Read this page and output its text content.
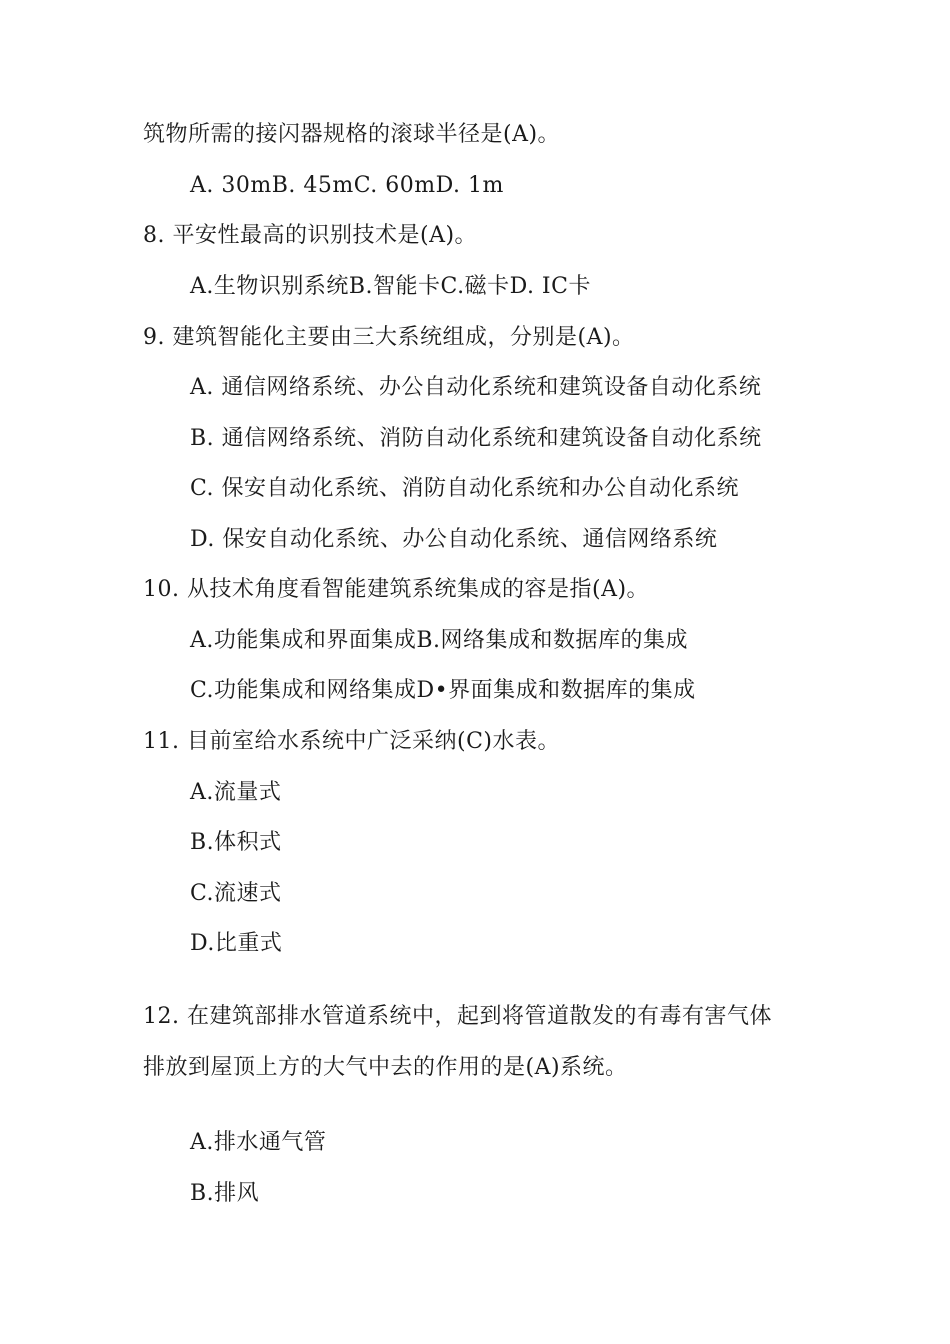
筑物所需的接闪器规格的滚球半径是(A)。
A. 30mB. 45mC. 60mD. 1m
8. 平安性最高的识别技术是(A)。
A.生物识别系统B.智能卡C.磁卡D. IC卡
9. 建筑智能化主要由三大系统组成，分别是(A)。
A. 通信网络系统、办公自动化系统和建筑设备自动化系统
B. 通信网络系统、消防自动化系统和建筑设备自动化系统
C. 保安自动化系统、消防自动化系统和办公自动化系统
D. 保安自动化系统、办公自动化系统、通信网络系统
10. 从技术角度看智能建筑系统集成的容是指(A)。
A.功能集成和界面集成B.网络集成和数据库的集成
C.功能集成和网络集成D•界面集成和数据库的集成
11. 目前室给水系统中广泛采纳(C)水表。
A.流量式
B.体积式
C.流速式
D.比重式
12. 在建筑部排水管道系统中，起到将管道散发的有毒有害气体
排放到屋顶上方的大气中去的作用的是(A)系统。
A.排水通气管
B.排风
